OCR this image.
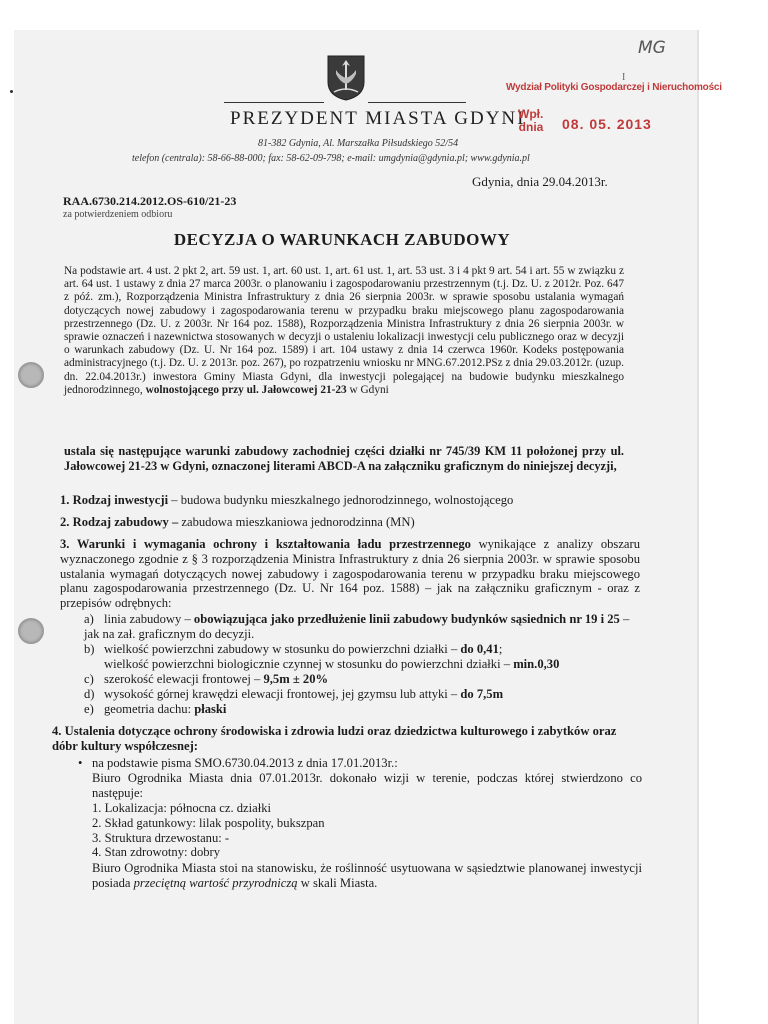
MG
I
PREZYDENT MIASTA GDYNI
81-382 Gdynia, Al. Marszałka Piłsudskiego 52/54
telefon (centrala): 58-66-88-000; fax: 58-62-09-798; e-mail: umgdynia@gdynia.pl; www.gdynia.pl
Wydział Polityki Gospodarczej i Nieruchomości
Wpł.
dnia 08. 05. 2013
Gdynia, dnia 29.04.2013r.
RAA.6730.214.2012.OS-610/21-23
za potwierdzeniem odbioru
DECYZJA O WARUNKACH ZABUDOWY

Na podstawie art. 4 ust. 2 pkt 2, art. 59 ust. 1, art. 60 ust. 1, art. 61 ust. 1, art. 53 ust. 3 i 4 pkt 9 art. 54 i art. 55 w związku z art. 64 ust. 1 ustawy z dnia 27 marca 2003r. o planowaniu i zagospodarowaniu przestrzennym (t.j. Dz. U. z 2012r. Poz. 647 z póź. zm.), Rozporządzenia Ministra Infrastruktury z dnia 26 sierpnia 2003r. w sprawie sposobu ustalania wymagań dotyczących nowej zabudowy i zagospodarowania terenu w przypadku braku miejscowego planu zagospodarowania przestrzennego (Dz. U. z 2003r. Nr 164 poz. 1588), Rozporządzenia Ministra Infrastruktury z dnia 26 sierpnia 2003r. w sprawie oznaczeń i nazewnictwa stosowanych w decyzji o ustaleniu lokalizacji inwestycji celu publicznego oraz w decyzji o warunkach zabudowy (Dz. U. Nr 164 poz. 1589) i art. 104 ustawy z dnia 14 czerwca 1960r. Kodeks postępowania administracyjnego (t.j. Dz. U. z 2013r. poz. 267), po rozpatrzeniu wniosku nr MNG.67.2012.PSz z dnia 29.03.2012r. (uzup. dn. 22.04.2013r.) inwestora Gminy Miasta Gdyni, dla inwestycji polegającej na budowie budynku mieszkalnego jednorodzinnego, wolnostojącego przy ul. Jałowcowej 21-23 w Gdyni

ustala się następujące warunki zabudowy zachodniej części działki nr 745/39 KM 11 położonej przy ul. Jałowcowej 21-23 w Gdyni, oznaczonej literami ABCD-A na załączniku graficznym do niniejszej decyzji,
1. Rodzaj inwestycji – budowa budynku mieszkalnego jednorodzinnego, wolnostojącego
2. Rodzaj zabudowy – zabudowa mieszkaniowa jednorodzinna (MN)
3. Warunki i wymagania ochrony i kształtowania ładu przestrzennego wynikające z analizy obszaru wyznaczonego zgodnie z § 3 rozporządzenia Ministra Infrastruktury z dnia 26 sierpnia 2003r. w sprawie sposobu ustalania wymagań dotyczących nowej zabudowy i zagospodarowania terenu w przypadku braku miejscowego planu zagospodarowania przestrzennego (Dz. U. Nr 164 poz. 1588) – jak na załączniku graficznym - oraz z przepisów odrębnych:
a) linia zabudowy – obowiązująca jako przedłużenie linii zabudowy budynków sąsiednich nr 19 i 25 – jak na zał. graficznym do decyzji.
b) wielkość powierzchni zabudowy w stosunku do powierzchni działki – do 0,41;
wielkość powierzchni biologicznie czynnej w stosunku do powierzchni działki – min.0,30
c) szerokość elewacji frontowej – 9,5m ± 20%
d) wysokość górnej krawędzi elewacji frontowej, jej gzymsu lub attyki – do 7,5m
e) geometria dachu: płaski
4. Ustalenia dotyczące ochrony środowiska i zdrowia ludzi oraz dziedzictwa kulturowego i zabytków oraz dóbr kultury współczesnej:
• na podstawie pisma SMO.6730.04.2013 z dnia 17.01.2013r.:
Biuro Ogrodnika Miasta dnia 07.01.2013r. dokonało wizji w terenie, podczas której stwierdzono co następuje:
1. Lokalizacja: północna cz. działki
2. Skład gatunkowy: lilak pospolity, bukszpan
3. Struktura drzewostanu: -
4. Stan zdrowotny: dobry
Biuro Ogrodnika Miasta stoi na stanowisku, że roślinność usytuowana w sąsiedztwie planowanej inwestycji posiada przeciętną wartość przyrodniczą w skali Miasta.
